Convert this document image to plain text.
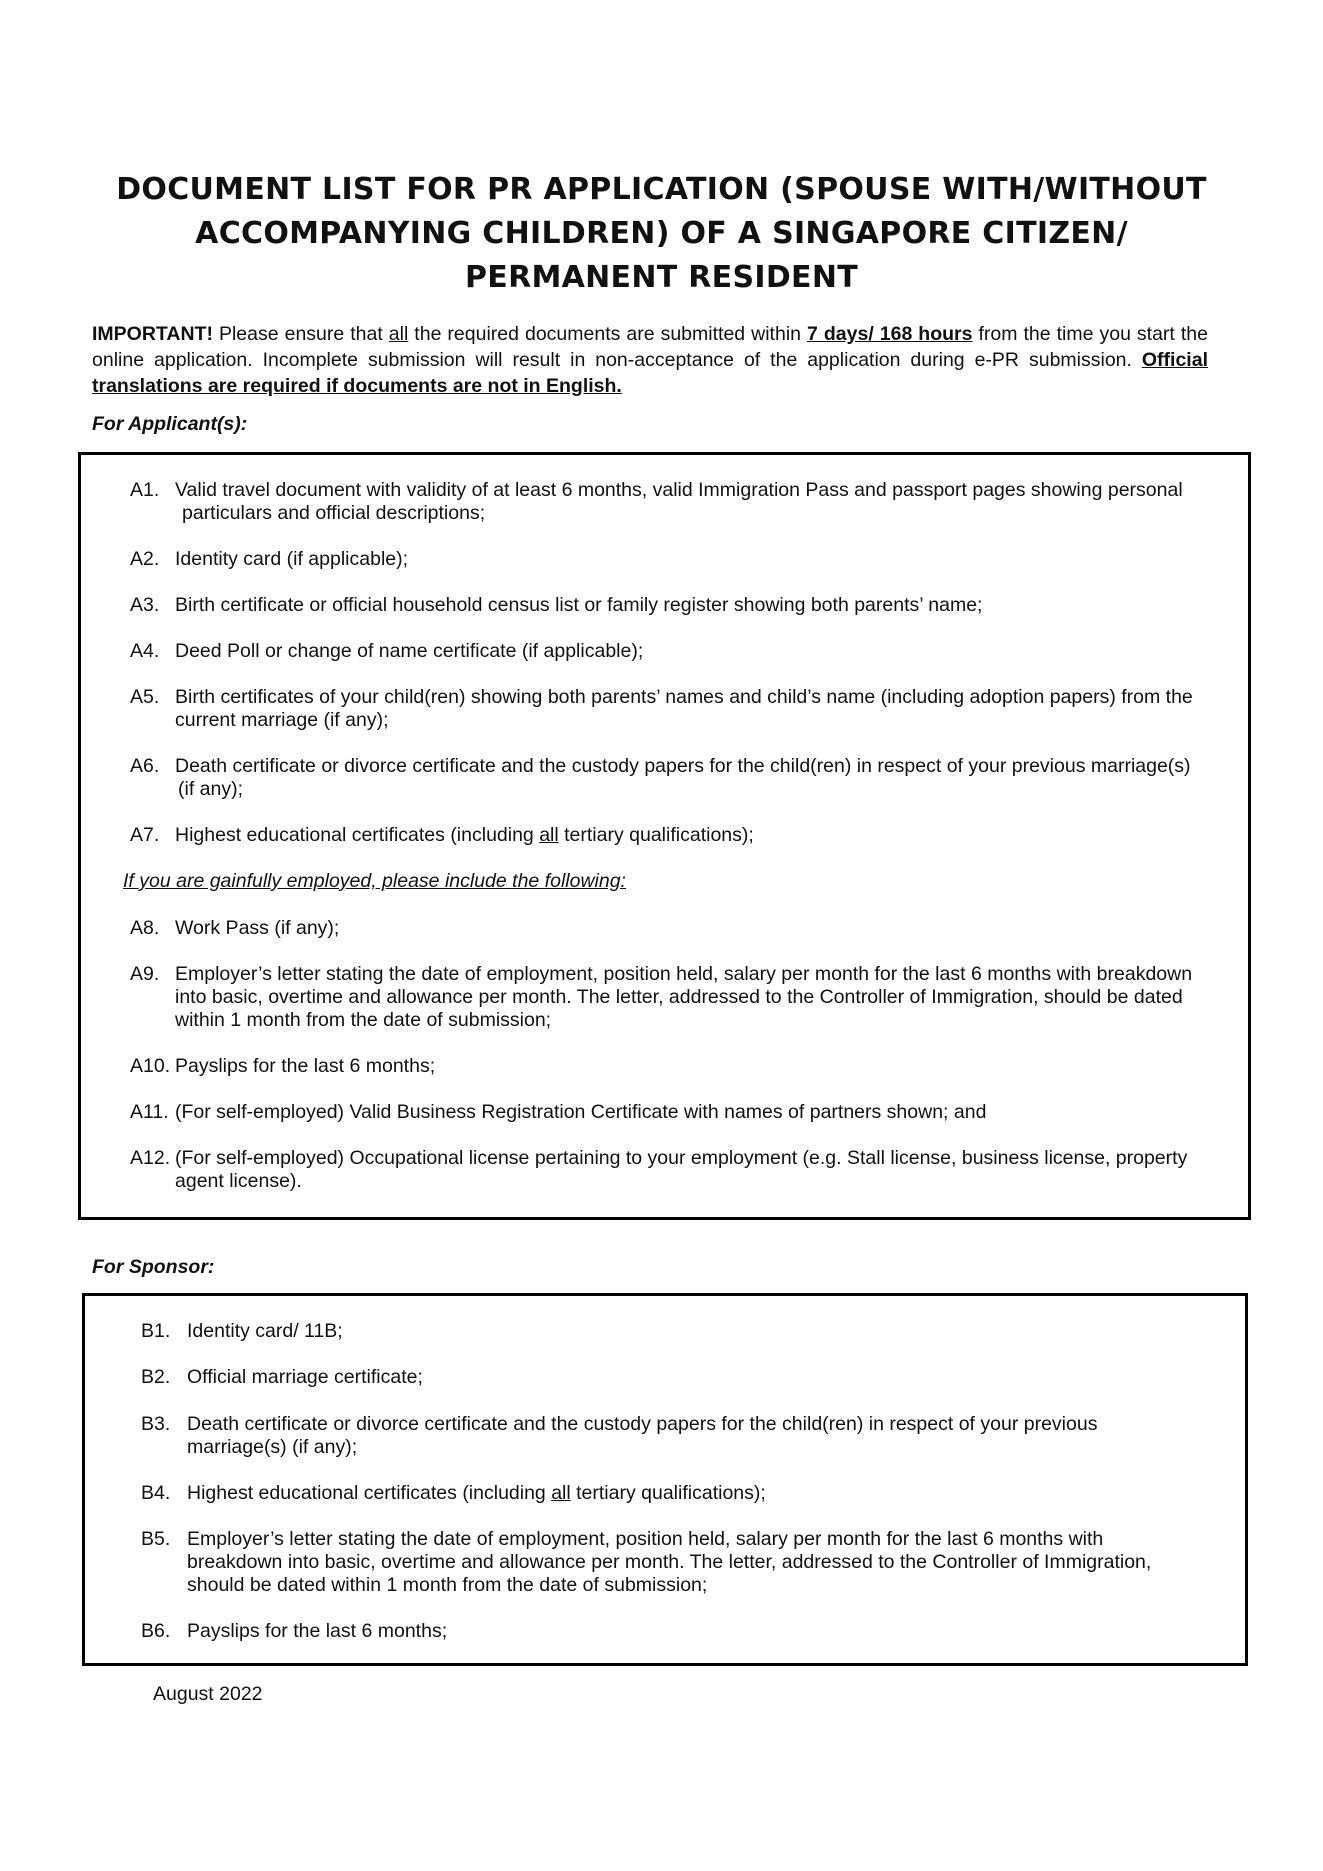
DOCUMENT LIST FOR PR APPLICATION (SPOUSE WITH/WITHOUT
ACCOMPANYING CHILDREN) OF A SINGAPORE CITIZEN/
PERMANENT RESIDENT

IMPORTANT! Please ensure that all the required documents are submitted within 7 days/ 168 hours from the time you start the online application. Incomplete submission will result in non-acceptance of the application during e-PR submission. Official translations are required if documents are not in English.

For Applicant(s):

A1. Valid travel document with validity of at least 6 months, valid Immigration Pass and passport pages showing personal
particulars and official descriptions;
A2. Identity card (if applicable);
A3. Birth certificate or official household census list or family register showing both parents’ name;
A4. Deed Poll or change of name certificate (if applicable);
A5. Birth certificates of your child(ren) showing both parents’ names and child’s name (including adoption papers) from the
current marriage (if any);
A6. Death certificate or divorce certificate and the custody papers for the child(ren) in respect of your previous marriage(s)
(if any);
A7. Highest educational certificates (including all tertiary qualifications);
If you are gainfully employed, please include the following:
A8. Work Pass (if any);
A9. Employer’s letter stating the date of employment, position held, salary per month for the last 6 months with breakdown
into basic, overtime and allowance per month. The letter, addressed to the Controller of Immigration, should be dated
within 1 month from the date of submission;
A10. Payslips for the last 6 months;
A11. (For self-employed) Valid Business Registration Certificate with names of partners shown; and
A12. (For self-employed) Occupational license pertaining to your employment (e.g. Stall license, business license, property
agent license).

For Sponsor:

B1. Identity card/ 11B;
B2. Official marriage certificate;
B3. Death certificate or divorce certificate and the custody papers for the child(ren) in respect of your previous
marriage(s) (if any);
B4. Highest educational certificates (including all tertiary qualifications);
B5. Employer’s letter stating the date of employment, position held, salary per month for the last 6 months with
breakdown into basic, overtime and allowance per month. The letter, addressed to the Controller of Immigration,
should be dated within 1 month from the date of submission;
B6. Payslips for the last 6 months;
August 2022
